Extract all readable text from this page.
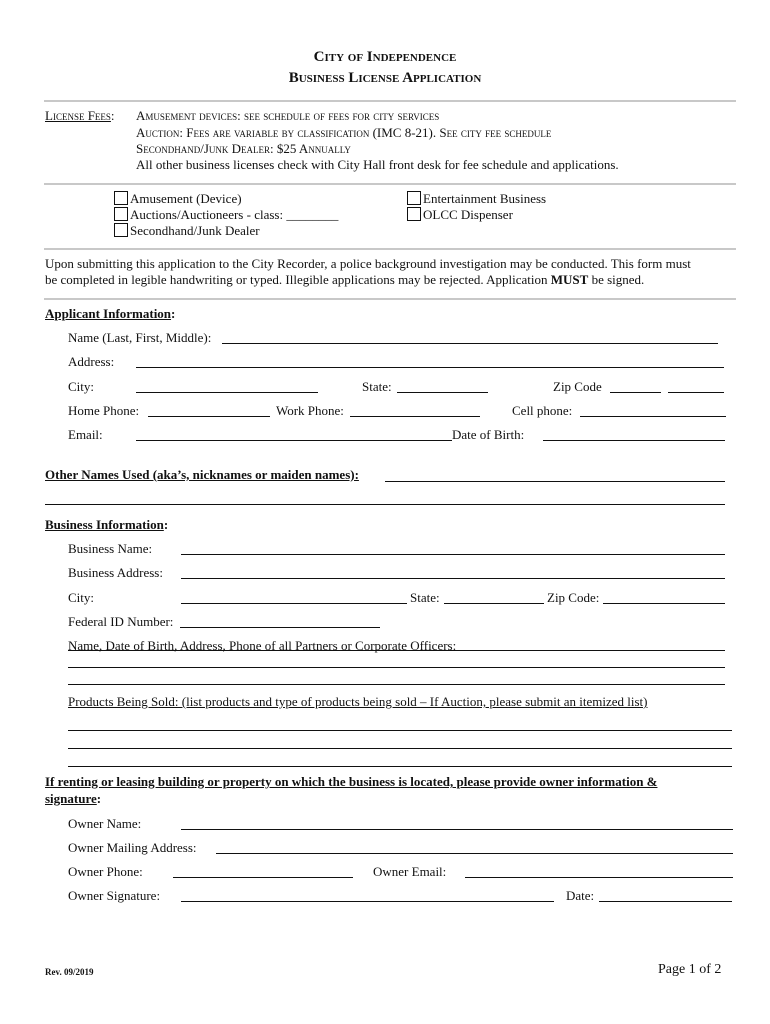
City of Independence
Business License Application
License Fees: Amusement devices: see schedule of fees for city services
Auction: Fees are variable by classification (IMC 8-21). See city fee schedule
Secondhand/Junk Dealer: $25 Annually
All other business licenses check with City Hall front desk for fee schedule and applications.
Amusement (Device)
Auctions/Auctioneers - class: ________
Secondhand/Junk Dealer
Entertainment Business
OLCC Dispenser
Upon submitting this application to the City Recorder, a police background investigation may be conducted. This form must
be completed in legible handwriting or typed. Illegible applications may be rejected. Application MUST be signed.
Applicant Information:
Name (Last, First, Middle):
Address:
City:	State:	Zip Code
Home Phone:	Work Phone:	Cell phone:
Email:	Date of Birth:
Other Names Used (aka’s, nicknames or maiden names):
Business Information:
Business Name:
Business Address:
City:	State:	Zip Code:
Federal ID Number:
Name, Date of Birth, Address, Phone of all Partners or Corporate Officers:
Products Being Sold: (list products and type of products being sold – If Auction, please submit an itemized list)
If renting or leasing building or property on which the business is located, please provide owner information &
signature:
Owner Name:
Owner Mailing Address:
Owner Phone:	Owner Email:
Owner Signature:	Date:
Rev. 09/2019	Page 1 of 2
